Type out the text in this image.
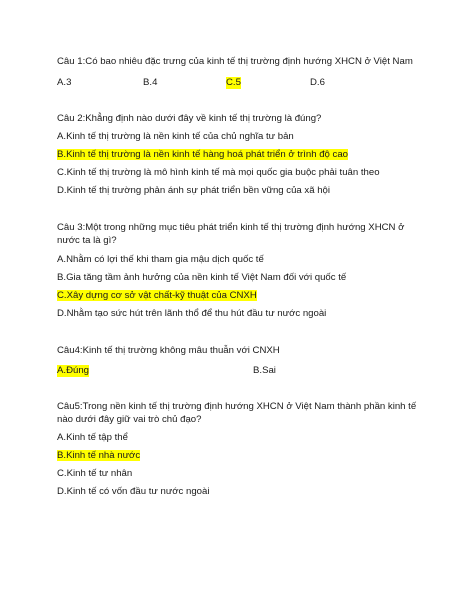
Câu 1:Có bao nhiêu đặc trưng của kinh tế thị trường định hướng XHCN ở Việt Nam
A.3	B.4	C.5	D.6
Câu 2:Khẳng định nào dưới đây về kinh tế thị trường là đúng?
A.Kinh tế thị trường là nền kinh tế của chủ nghĩa tư bản
B.Kinh tế thị trường là nền kinh tế hàng hoá phát triển ở trình độ cao
C.Kinh tế thị trường là mô hình kinh tế mà mọi quốc gia buộc phải tuân theo
D.Kinh tế thị trường phản ánh sự phát triển bền vững của xã hội
Câu 3:Một trong những mục tiêu phát triển kinh tế thị trường định hướng XHCN ở nước ta là gì?
A.Nhằm có lợi thế khi tham gia mậu dịch quốc tế
B.Gia tăng tầm ảnh hưởng của nền kinh tế Việt Nam đối với quốc tế
C.Xây dựng cơ sở vật chất-kỹ thuật của CNXH
D.Nhằm tạo sức hút trên lãnh thổ để thu hút đầu tư nước ngoài
Câu4:Kinh tế thị trường không mâu thuẫn với CNXH
A.Đúng	B.Sai
Câu5:Trong nền kinh tế thị trường định hướng XHCN ở Việt Nam thành phần kinh tế nào dưới đây giữ vai trò chủ đạo?
A.Kinh tế tập thể
B.Kinh tế nhà nước
C.Kinh tế tư nhân
D.Kinh tế có vốn đầu tư nước ngoài
